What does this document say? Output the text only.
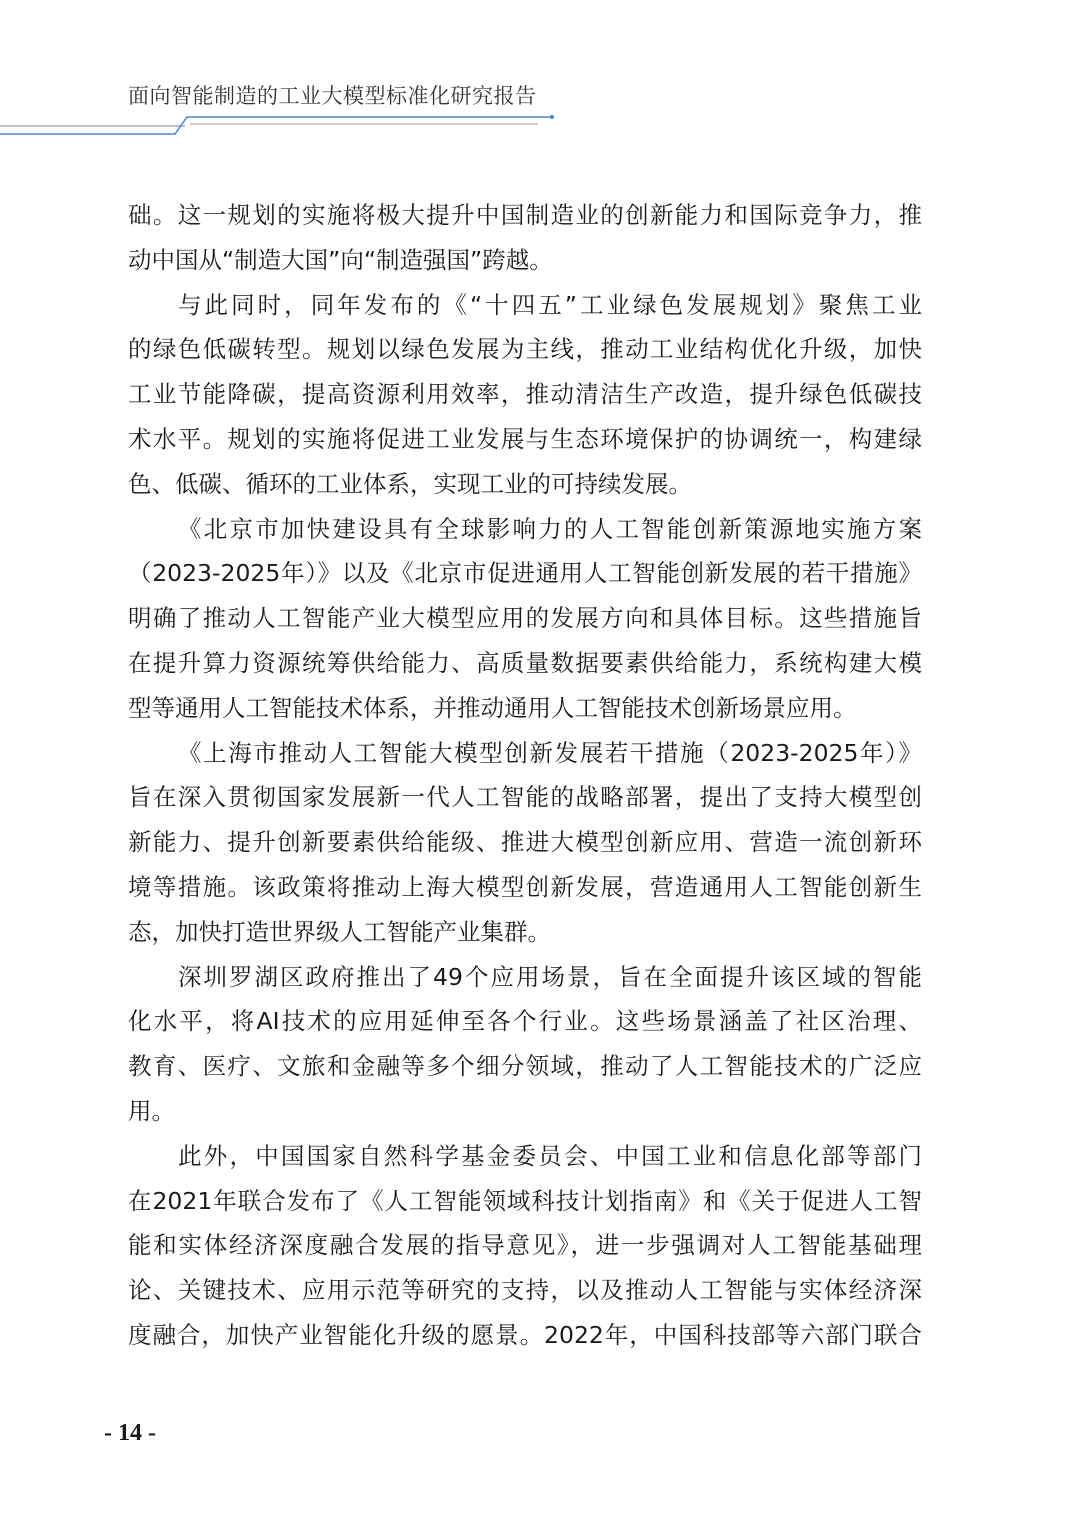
面向智能制造的工业大模型标准化研究报告
础。这一规划的实施将极大提升中国制造业的创新能力和国际竞争力，推
动中国从“制造大国”向“制造强国”跨越。
与此同时，同年发布的《“十四五”工业绿色发展规划》聚焦工业
的绿色低碳转型。规划以绿色发展为主线，推动工业结构优化升级，加快
工业节能降碳，提高资源利用效率，推动清洁生产改造，提升绿色低碳技
术水平。规划的实施将促进工业发展与生态环境保护的协调统一，构建绿
色、低碳、循环的工业体系，实现工业的可持续发展。
《北京市加快建设具有全球影响力的人工智能创新策源地实施方案
（2023-2025年）》以及《北京市促进通用人工智能创新发展的若干措施》
明确了推动人工智能产业大模型应用的发展方向和具体目标。这些措施旨
在提升算力资源统筹供给能力、高质量数据要素供给能力，系统构建大模
型等通用人工智能技术体系，并推动通用人工智能技术创新场景应用。
《上海市推动人工智能大模型创新发展若干措施（2023-2025年）》
旨在深入贯彻国家发展新一代人工智能的战略部署，提出了支持大模型创
新能力、提升创新要素供给能级、推进大模型创新应用、营造一流创新环
境等措施。该政策将推动上海大模型创新发展，营造通用人工智能创新生
态，加快打造世界级人工智能产业集群。
深圳罗湖区政府推出了49个应用场景，旨在全面提升该区域的智能
化水平，将AI技术的应用延伸至各个行业。这些场景涵盖了社区治理、
教育、医疗、文旅和金融等多个细分领域，推动了人工智能技术的广泛应
用。
此外，中国国家自然科学基金委员会、中国工业和信息化部等部门
在2021年联合发布了《人工智能领域科技计划指南》和《关于促进人工智
能和实体经济深度融合发展的指导意见》，进一步强调对人工智能基础理
论、关键技术、应用示范等研究的支持，以及推动人工智能与实体经济深
度融合，加快产业智能化升级的愿景。2022年，中国科技部等六部门联合
- 14 -
